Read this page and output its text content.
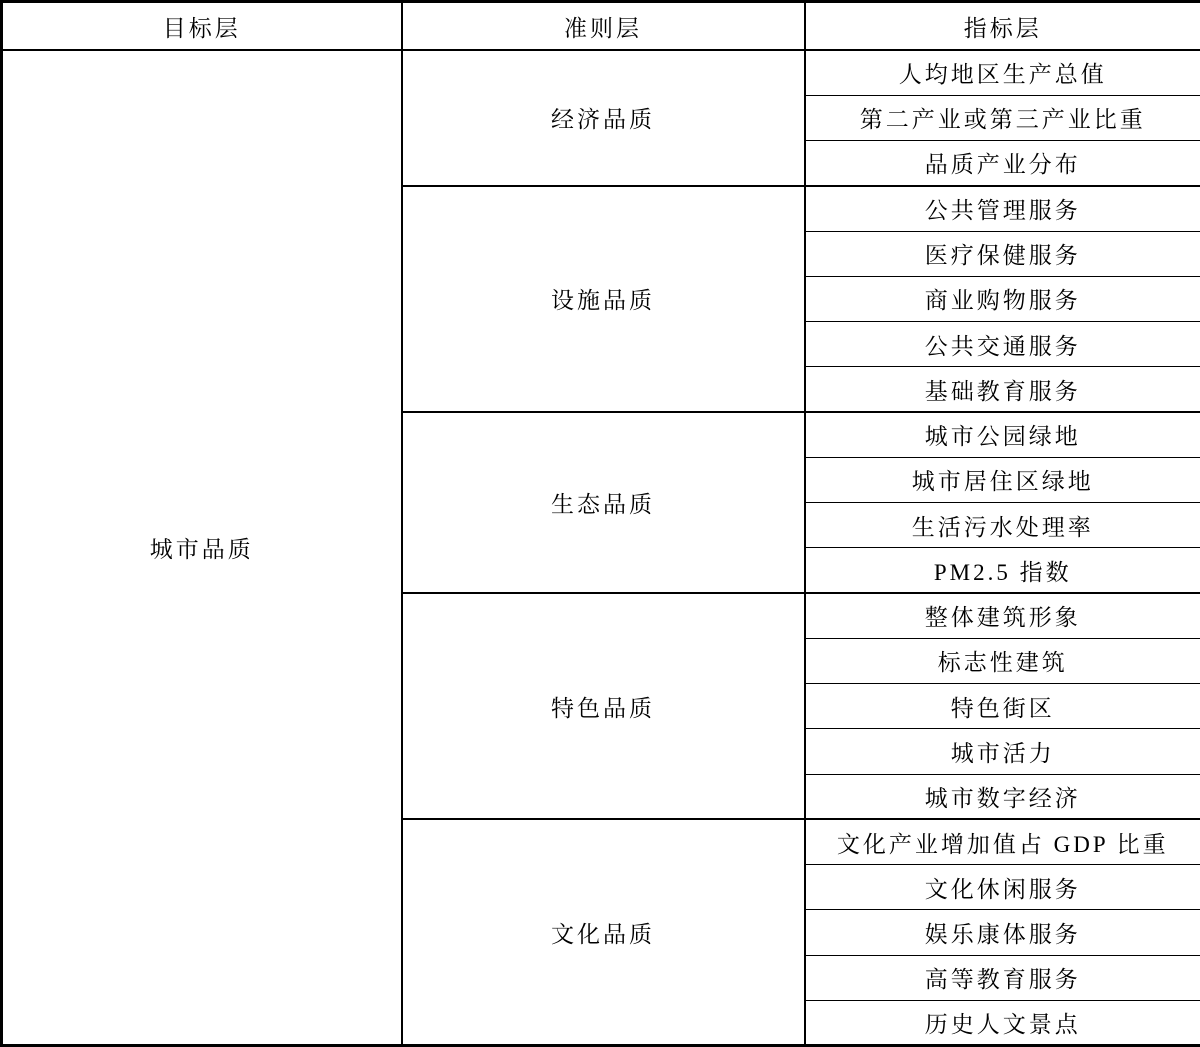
目标层	准则层	指标层
城市品质	经济品质	人均地区生产总值
		第二产业或第三产业比重
		品质产业分布
	设施品质	公共管理服务
		医疗保健服务
		商业购物服务
		公共交通服务
		基础教育服务
	生态品质	城市公园绿地
		城市居住区绿地
		生活污水处理率
		PM2.5 指数
	特色品质	整体建筑形象
		标志性建筑
		特色街区
		城市活力
		城市数字经济
	文化品质	文化产业增加值占 GDP 比重
		文化休闲服务
		娱乐康体服务
		高等教育服务
		历史人文景点
